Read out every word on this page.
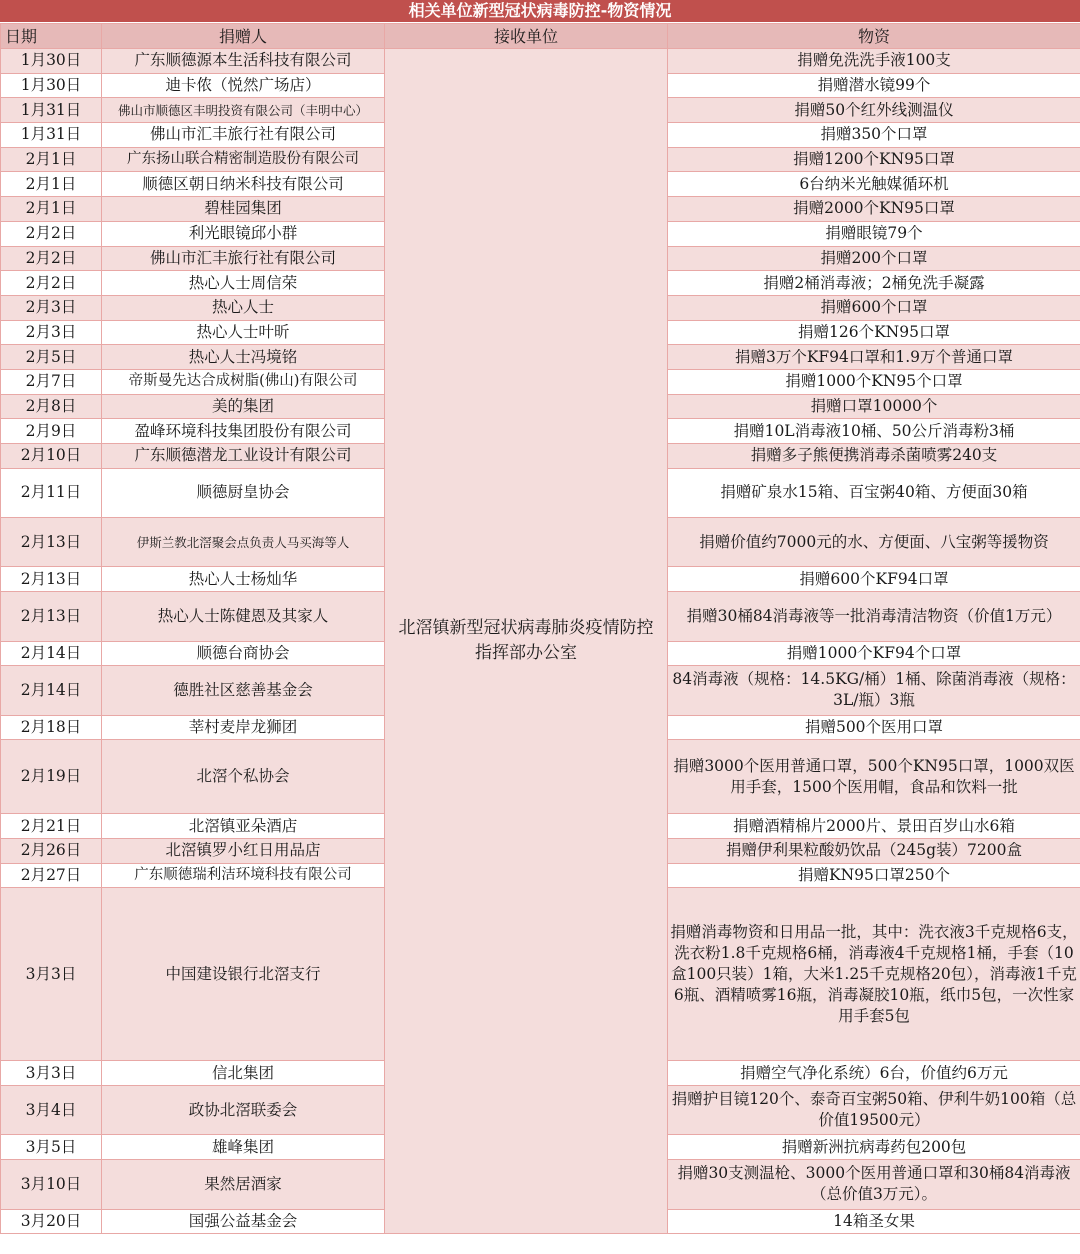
相关单位新型冠状病毒防控-物资情况
日期	捐赠人	接收单位	物资
1月30日	广东顺德源本生活科技有限公司	北滘镇新型冠状病毒肺炎疫情防控指挥部办公室	捐赠免洗洗手液100支
1月30日	迪卡侬（悦然广场店）		捐赠潜水镜99个
1月31日	佛山市顺德区丰明投资有限公司（丰明中心）		捐赠50个红外线测温仪
1月31日	佛山市汇丰旅行社有限公司		捐赠350个口罩
2月1日	广东扬山联合精密制造股份有限公司		捐赠1200个KN95口罩
2月1日	顺德区朝日纳米科技有限公司		6台纳米光触媒循环机
2月1日	碧桂园集团		捐赠2000个KN95口罩
2月2日	利光眼镜邱小群		捐赠眼镜79个
2月2日	佛山市汇丰旅行社有限公司		捐赠200个口罩
2月2日	热心人士周信荣		捐赠2桶消毒液；2桶免洗手凝露
2月3日	热心人士		捐赠600个口罩
2月3日	热心人士叶昕		捐赠126个KN95口罩
2月5日	热心人士冯境铭		捐赠3万个KF94口罩和1.9万个普通口罩
2月7日	帝斯曼先达合成树脂(佛山)有限公司		捐赠1000个KN95个口罩
2月8日	美的集团		捐赠口罩10000个
2月9日	盈峰环境科技集团股份有限公司		捐赠10L消毒液10桶、50公斤消毒粉3桶
2月10日	广东顺德潜龙工业设计有限公司		捐赠多子熊便携消毒杀菌喷雾240支
2月11日	顺德厨皇协会		捐赠矿泉水15箱、百宝粥40箱、方便面30箱
2月13日	伊斯兰教北滘聚会点负责人马买海等人		捐赠价值约7000元的水、方便面、八宝粥等援物资
2月13日	热心人士杨灿华		捐赠600个KF94口罩
2月13日	热心人士陈健恩及其家人		捐赠30桶84消毒液等一批消毒清洁物资（价值1万元）
2月14日	顺德台商协会		捐赠1000个KF94个口罩
2月14日	德胜社区慈善基金会		84消毒液（规格：14.5KG/桶）1桶、除菌消毒液（规格：3L/瓶）3瓶
2月18日	莘村麦岸龙狮团		捐赠500个医用口罩
2月19日	北滘个私协会		捐赠3000个医用普通口罩，500个KN95口罩，1000双医用手套，1500个医用帽，食品和饮料一批
2月21日	北滘镇亚朵酒店		捐赠酒精棉片2000片、景田百岁山水6箱
2月26日	北滘镇罗小红日用品店		捐赠伊利果粒酸奶饮品（245g装）7200盒
2月27日	广东顺德瑞利洁环境科技有限公司		捐赠KN95口罩250个
3月3日	中国建设银行北滘支行		捐赠消毒物资和日用品一批，其中：洗衣液3千克规格6支，洗衣粉1.8千克规格6桶，消毒液4千克规格1桶，手套（10盒100只装）1箱，大米1.25千克规格20包），消毒液1千克6瓶、酒精喷雾16瓶，消毒凝胶10瓶，纸巾5包，一次性家用手套5包
3月3日	信北集团		捐赠空气净化系统）6台，价值约6万元
3月4日	政协北滘联委会		捐赠护目镜120个、泰奇百宝粥50箱、伊利牛奶100箱（总价值19500元）
3月5日	雄峰集团		捐赠新洲抗病毒药包200包
3月10日	果然居酒家		捐赠30支测温枪、3000个医用普通口罩和30桶84消毒液（总价值3万元）。
3月20日	国强公益基金会		14箱圣女果
